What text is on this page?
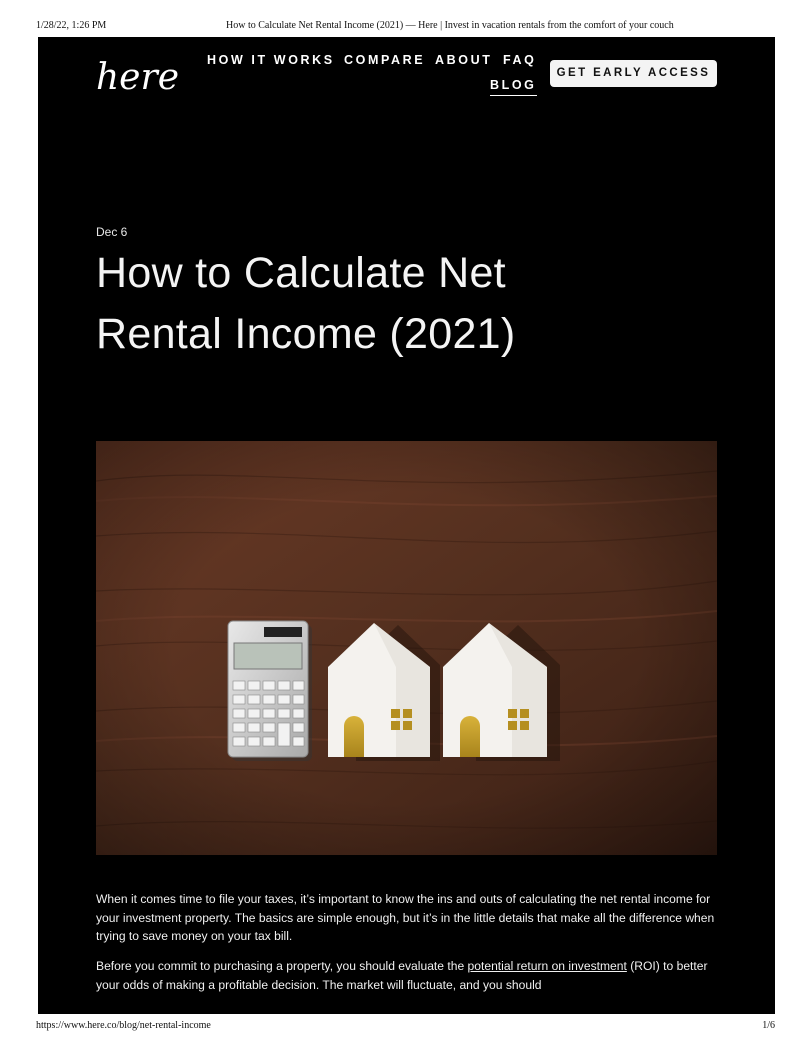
1/28/22, 1:26 PM	How to Calculate Net Rental Income (2021) — Here | Invest in vacation rentals from the comfort of your couch
here HOW IT WORKS COMPARE ABOUT FAQ
BLOG
GET EARLY ACCESS
Dec 6
How to Calculate Net
Rental Income (2021)

When it comes time to file your taxes, it’s important to know the ins and outs of calculating the net rental income for your investment property. The basics are simple enough, but it’s in the little details that make all the difference when trying to save money on your tax bill.

Before you commit to purchasing a property, you should evaluate the potential return on investment (ROI) to better your odds of making a profitable decision. The market will fluctuate, and you should

https://www.here.co/blog/net-rental-income	1/6
